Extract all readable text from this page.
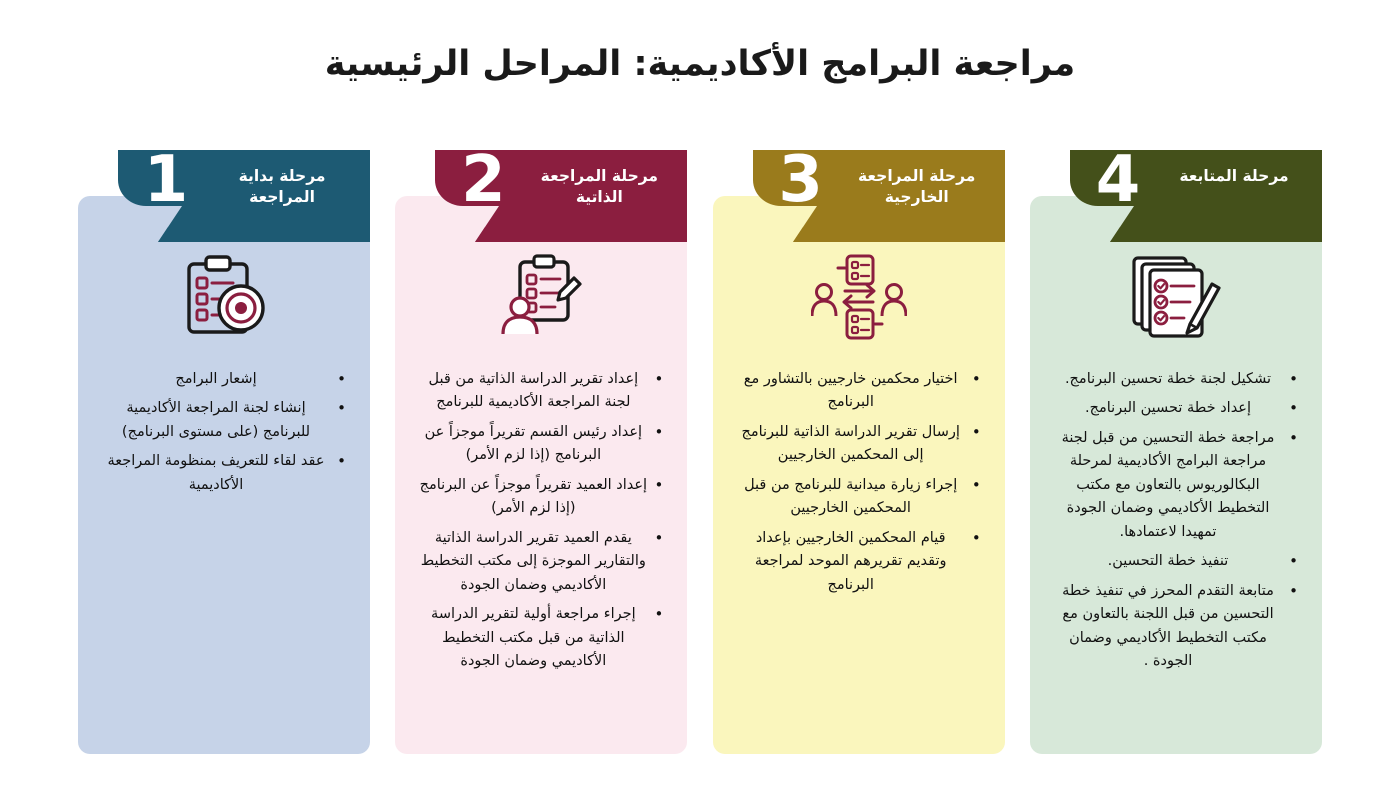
مراجعة البرامج الأكاديمية: المراحل الرئيسية
1	مرحلة بداية المراجعة
• إشعار البرامج
• إنشاء لجنة المراجعة الأكاديمية للبرنامج (على مستوى البرنامج)
• عقد لقاء للتعريف بمنظومة المراجعة الأكاديمية
2	مرحلة المراجعة الذاتية
• إعداد تقرير الدراسة الذاتية من قبل لجنة المراجعة الأكاديمية للبرنامج
• إعداد رئيس القسم تقريراً موجزاً عن البرنامج (إذا لزم الأمر)
• إعداد العميد تقريراً موجزاً عن البرنامج (إذا لزم الأمر)
• يقدم العميد تقرير الدراسة الذاتية والتقارير الموجزة إلى مكتب التخطيط الأكاديمي وضمان الجودة
• إجراء مراجعة أولية لتقرير الدراسة الذاتية من قبل مكتب التخطيط الأكاديمي وضمان الجودة
3	مرحلة المراجعة الخارجية
• اختيار محكمين خارجيين بالتشاور مع البرنامج
• إرسال تقرير الدراسة الذاتية للبرنامج إلى المحكمين الخارجيين
• إجراء زيارة ميدانية للبرنامج من قبل المحكمين الخارجيين
• قيام المحكمين الخارجيين بإعداد وتقديم تقريرهم الموحد لمراجعة البرنامج
4	مرحلة المتابعة
• تشكيل لجنة خطة تحسين البرنامج.
• إعداد خطة تحسين البرنامج.
• مراجعة خطة التحسين من قبل لجنة مراجعة البرامج الأكاديمية لمرحلة البكالوريوس بالتعاون مع مكتب التخطيط الأكاديمي وضمان الجودة تمهيدا لاعتمادها.
• تنفيذ خطة التحسين.
• متابعة التقدم المحرز في تنفيذ خطة التحسين من قبل اللجنة بالتعاون مع مكتب التخطيط الأكاديمي وضمان الجودة .
